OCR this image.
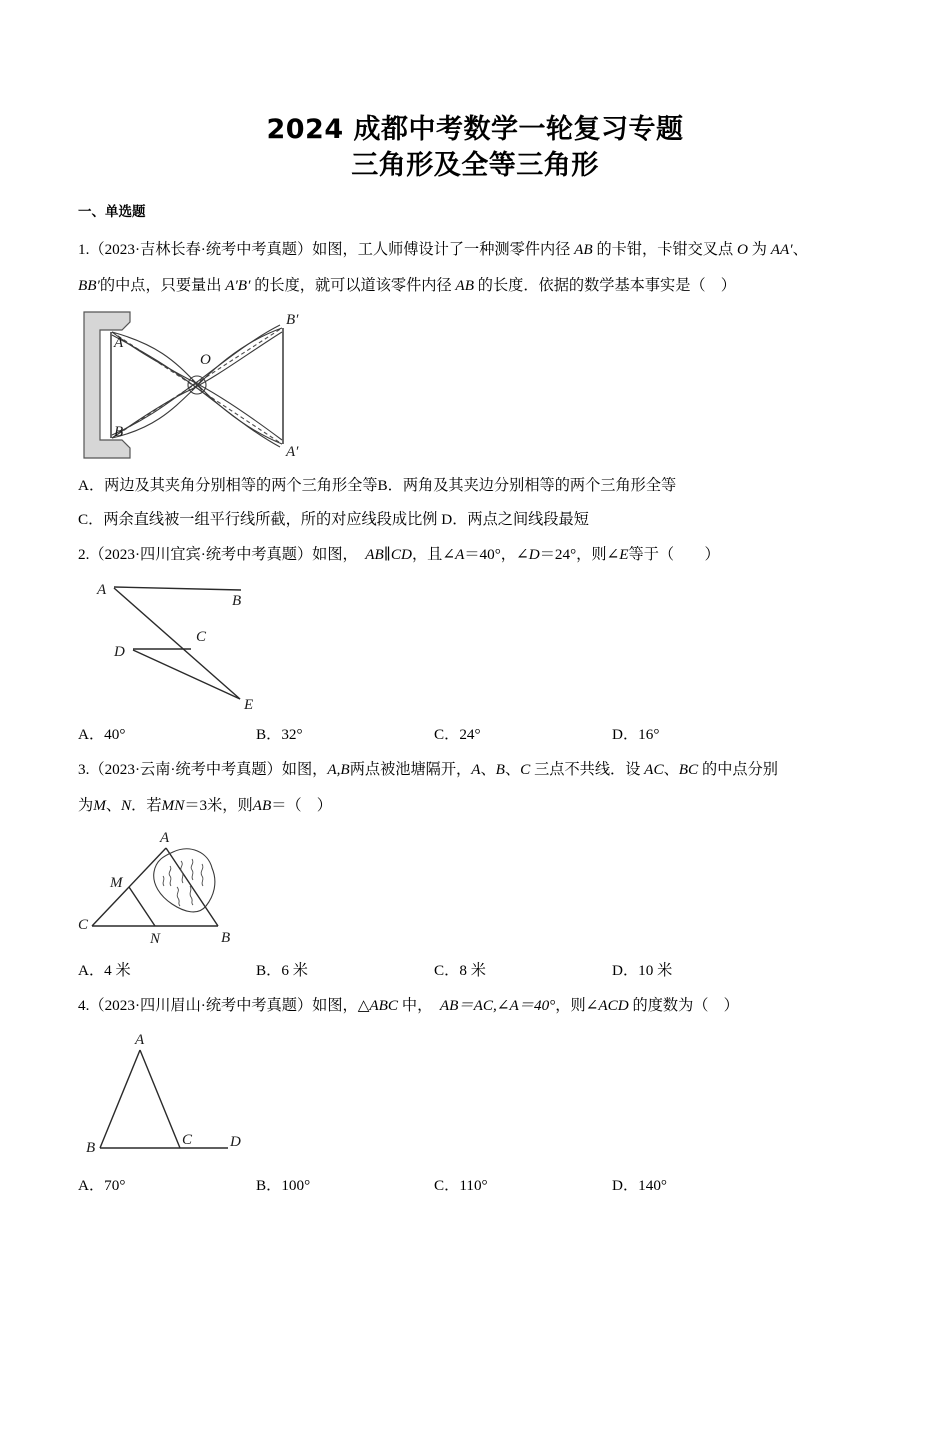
2024 成都中考数学一轮复习专题
三角形及全等三角形
一、单选题
1.（2023·吉林长春·统考中考真题）如图，工人师傅设计了一种测零件内径 AB 的卡钳，卡钳交叉点 O 为 AA′、
BB′的中点，只要量出 A′B′ 的长度，就可以道该零件内径 AB 的长度．依据的数学基本事实是（　）
A
B
O
B′
A′
A．两边及其夹角分别相等的两个三角形全等B．两角及其夹边分别相等的两个三角形全等
C．两余直线被一组平行线所截，所的对应线段成比例 D．两点之间线段最短
2.（2023·四川宜宾·统考中考真题）如图，　AB∥CD，且∠A＝40°，∠D＝24°，则∠E等于（　　）
A
B
C
D
E
A．40°	B．32°	C．24°	D．16°
3.（2023·云南·统考中考真题）如图，A,B两点被池塘隔开，A、B、C 三点不共线．设 AC、BC 的中点分别
为M、N．若MN＝3米，则AB＝（　）
A
M
C
N	B
A．4 米	B．6 米	C．8 米	D．10 米
4.（2023·四川眉山·统考中考真题）如图，△ABC 中，　AB＝AC,∠A＝40°，则∠ACD 的度数为（　）
A
B	C	D
A．70°	B．100°	C．110°	D．140°
